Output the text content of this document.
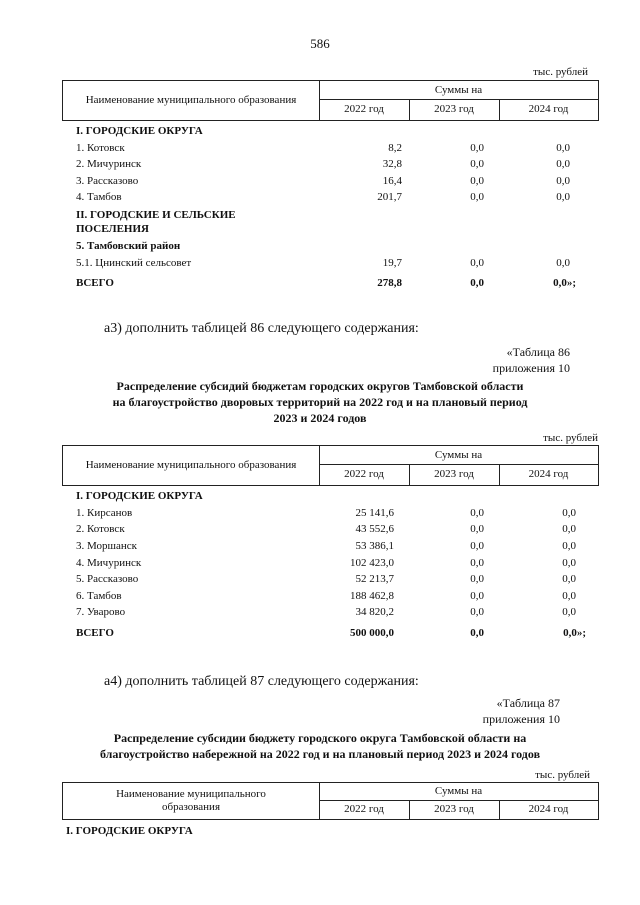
586
тыс. рублей
Наименование муниципального образования
Суммы на
2022 год	2023 год	2024 год
I. ГОРОДСКИЕ ОКРУГА
1. Котовск	8,2	0,0	0,0
2. Мичуринск	32,8	0,0	0,0
3. Рассказово	16,4	0,0	0,0
4. Тамбов	201,7	0,0	0,0
II. ГОРОДСКИЕ И СЕЛЬСКИЕ
ПОСЕЛЕНИЯ
5. Тамбовский район
5.1. Цнинский сельсовет	19,7	0,0	0,0
ВСЕГО	278,8	0,0	0,0»;
а3) дополнить таблицей 86 следующего содержания:
«Таблица 86
приложения 10
Распределение субсидий бюджетам городских округов Тамбовской области
на благоустройство дворовых территорий на 2022 год и на плановый период
2023 и 2024 годов
тыс. рублей
Наименование муниципального образования
Суммы на
2022 год	2023 год	2024 год
I. ГОРОДСКИЕ ОКРУГА
1. Кирсанов	25 141,6	0,0	0,0
2. Котовск	43 552,6	0,0	0,0
3. Моршанск	53 386,1	0,0	0,0
4. Мичуринск	102 423,0	0,0	0,0
5. Рассказово	52 213,7	0,0	0,0
6. Тамбов	188 462,8	0,0	0,0
7. Уварово	34 820,2	0,0	0,0
ВСЕГО	500 000,0	0,0	0,0»;
а4) дополнить таблицей 87 следующего содержания:
«Таблица 87
приложения 10
Распределение субсидии бюджету городского округа Тамбовской области на
благоустройство набережной на 2022 год и на плановый период 2023 и 2024 годов
тыс. рублей
Наименование муниципального
образования
Суммы на
2022 год	2023 год	2024 год
I. ГОРОДСКИЕ ОКРУГА
